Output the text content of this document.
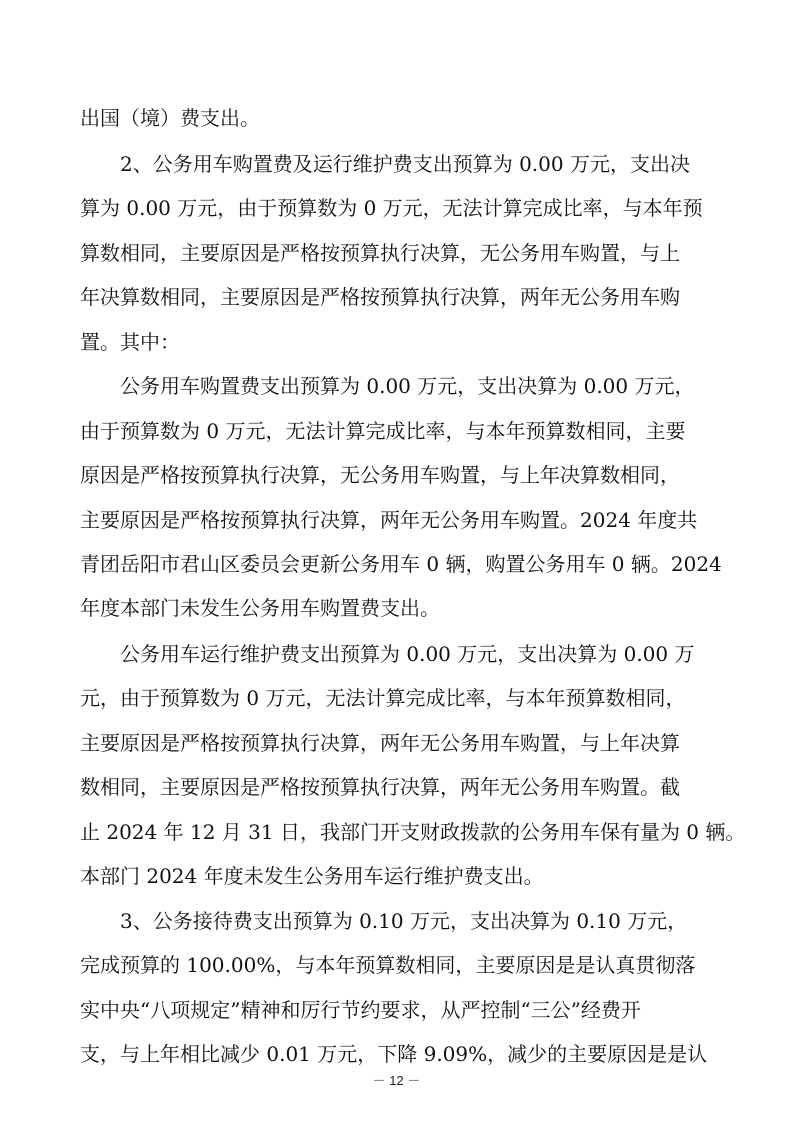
出国（境）费支出。
2、公务用车购置费及运行维护费支出预算为 0.00 万元，支出决
算为 0.00 万元，由于预算数为 0 万元，无法计算完成比率，与本年预
算数相同，主要原因是严格按预算执行决算，无公务用车购置，与上
年决算数相同，主要原因是严格按预算执行决算，两年无公务用车购
置。其中：
公务用车购置费支出预算为 0.00 万元，支出决算为 0.00 万元，
由于预算数为 0 万元，无法计算完成比率，与本年预算数相同，主要
原因是严格按预算执行决算，无公务用车购置，与上年决算数相同，
主要原因是严格按预算执行决算，两年无公务用车购置。2024 年度共
青团岳阳市君山区委员会更新公务用车 0 辆，购置公务用车 0 辆。2024
年度本部门未发生公务用车购置费支出。
公务用车运行维护费支出预算为 0.00 万元，支出决算为 0.00 万
元，由于预算数为 0 万元，无法计算完成比率，与本年预算数相同，
主要原因是严格按预算执行决算，两年无公务用车购置，与上年决算
数相同，主要原因是严格按预算执行决算，两年无公务用车购置。截
止 2024 年 12 月 31 日，我部门开支财政拨款的公务用车保有量为 0 辆。
本部门 2024 年度未发生公务用车运行维护费支出。
3、公务接待费支出预算为 0.10 万元，支出决算为 0.10 万元，
完成预算的 100.00%，与本年预算数相同，主要原因是是认真贯彻落
实中央“八项规定”精神和厉行节约要求，从严控制“三公”经费开
支，与上年相比减少 0.01 万元，下降 9.09%，减少的主要原因是是认
－ 12 －
